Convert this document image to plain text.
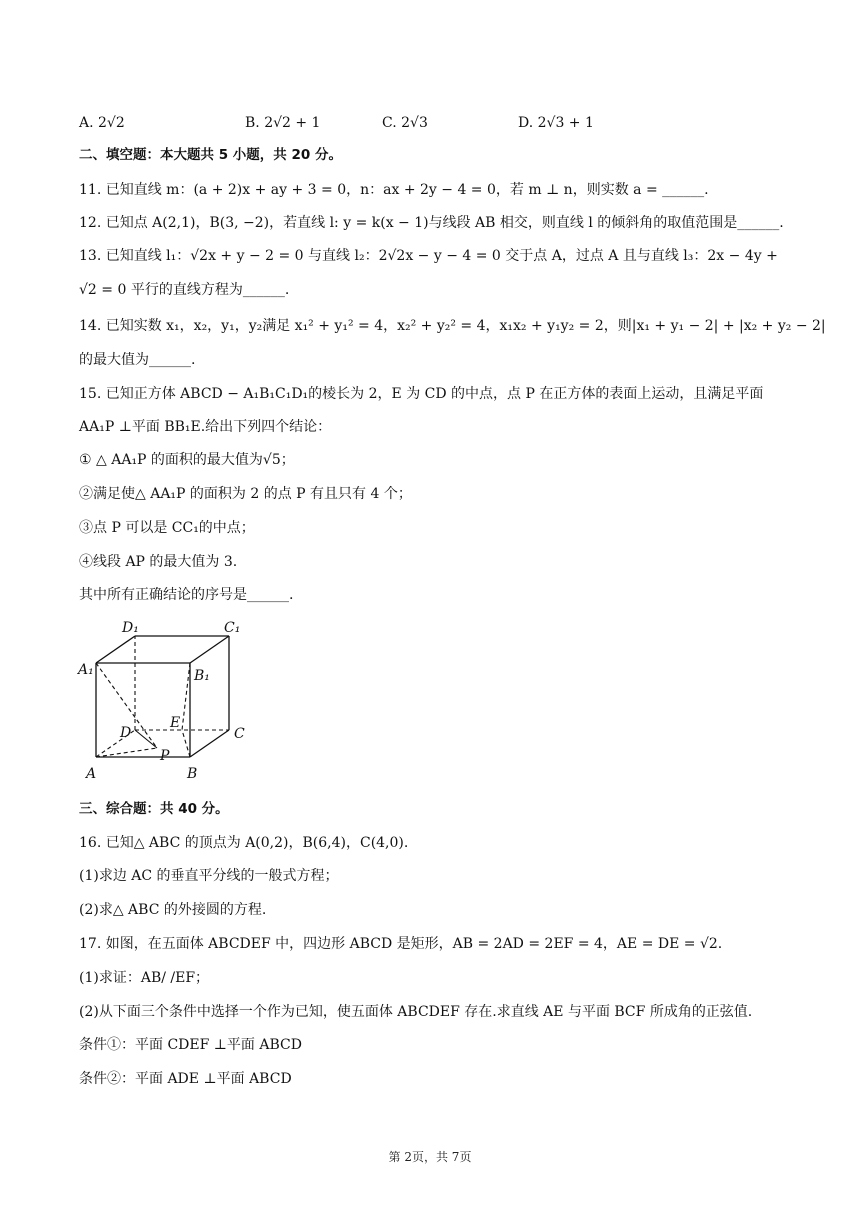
A. 2√2	B. 2√2 + 1	C. 2√3	D. 2√3 + 1
二、填空题：本大题共 5 小题，共 20 分。
11. 已知直线 m：(a + 2)x + ay + 3 = 0，n：ax + 2y − 4 = 0，若 m ⊥ n，则实数 a = ______.
12. 已知点 A(2,1)，B(3, −2)，若直线 l: y = k(x − 1)与线段 AB 相交，则直线 l 的倾斜角的取值范围是______.
13. 已知直线 l₁：√2x + y − 2 = 0 与直线 l₂：2√2x − y − 4 = 0 交于点 A，过点 A 且与直线 l₃：2x − 4y +
√2 = 0 平行的直线方程为______.
14. 已知实数 x₁，x₂，y₁，y₂满足 x₁² + y₁² = 4，x₂² + y₂² = 4，x₁x₂ + y₁y₂ = 2，则|x₁ + y₁ − 2| + |x₂ + y₂ − 2|
的最大值为______.
15. 已知正方体 ABCD − A₁B₁C₁D₁的棱长为 2，E 为 CD 的中点，点 P 在正方体的表面上运动，且满足平面
AA₁P ⊥平面 BB₁E.给出下列四个结论：
① △ AA₁P 的面积的最大值为√5；
②满足使△ AA₁P 的面积为 2 的点 P 有且只有 4 个；
③点 P 可以是 CC₁的中点；
④线段 AP 的最大值为 3.
其中所有正确结论的序号是______.
D₁	C₁
A₁	B₁
D
E
C
P
A	B
三、综合题：共 40 分。
16. 已知△ ABC 的顶点为 A(0,2)，B(6,4)，C(4,0).
(1)求边 AC 的垂直平分线的一般式方程；
(2)求△ ABC 的外接圆的方程.
17. 如图，在五面体 ABCDEF 中，四边形 ABCD 是矩形，AB = 2AD = 2EF = 4，AE = DE = √2.
(1)求证：AB/ /EF；
(2)从下面三个条件中选择一个作为已知，使五面体 ABCDEF 存在.求直线 AE 与平面 BCF 所成角的正弦值.
条件①：平面 CDEF ⊥平面 ABCD
条件②：平面 ADE ⊥平面 ABCD
第 2页，共 7页
